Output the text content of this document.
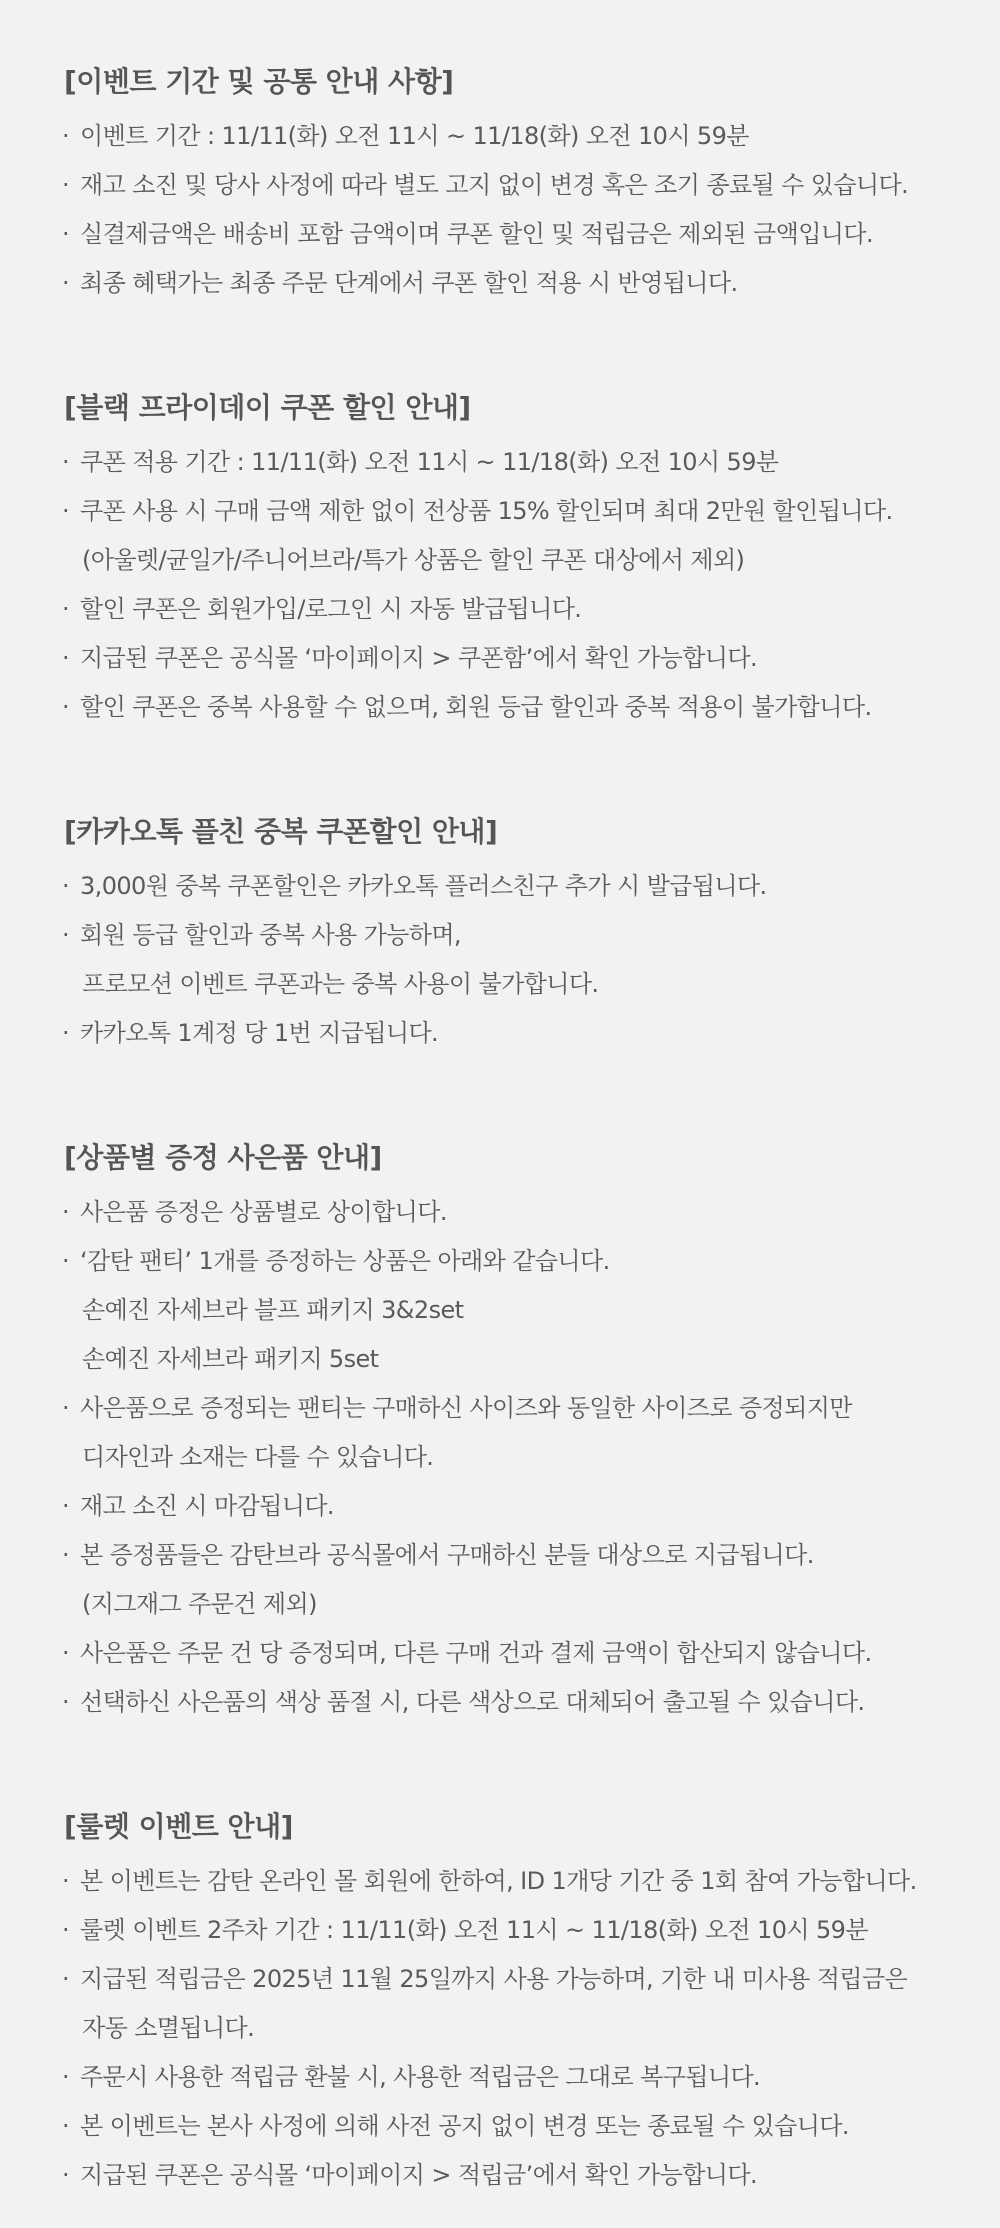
[이벤트 기간 및 공통 안내 사항]
· 이벤트 기간 : 11/11(화) 오전 11시 ~ 11/18(화) 오전 10시 59분
· 재고 소진 및 당사 사정에 따라 별도 고지 없이 변경 혹은 조기 종료될 수 있습니다.
· 실결제금액은 배송비 포함 금액이며 쿠폰 할인 및 적립금은 제외된 금액입니다.
· 최종 혜택가는 최종 주문 단계에서 쿠폰 할인 적용 시 반영됩니다.
[블랙 프라이데이 쿠폰 할인 안내]
· 쿠폰 적용 기간 : 11/11(화) 오전 11시 ~ 11/18(화) 오전 10시 59분
· 쿠폰 사용 시 구매 금액 제한 없이 전상품 15% 할인되며 최대 2만원 할인됩니다.
(아울렛/균일가/주니어브라/특가 상품은 할인 쿠폰 대상에서 제외)
· 할인 쿠폰은 회원가입/로그인 시 자동 발급됩니다.
· 지급된 쿠폰은 공식몰 ‘마이페이지 > 쿠폰함’에서 확인 가능합니다.
· 할인 쿠폰은 중복 사용할 수 없으며, 회원 등급 할인과 중복 적용이 불가합니다.
[카카오톡 플친 중복 쿠폰할인 안내]
· 3,000원 중복 쿠폰할인은 카카오톡 플러스친구 추가 시 발급됩니다.
· 회원 등급 할인과 중복 사용 가능하며,
프로모션 이벤트 쿠폰과는 중복 사용이 불가합니다.
· 카카오톡 1계정 당 1번 지급됩니다.
[상품별 증정 사은품 안내]
· 사은품 증정은 상품별로 상이합니다.
· ‘감탄 팬티’ 1개를 증정하는 상품은 아래와 같습니다.
손예진 자세브라 블프 패키지 3&2set
손예진 자세브라 패키지 5set
· 사은품으로 증정되는 팬티는 구매하신 사이즈와 동일한 사이즈로 증정되지만
디자인과 소재는 다를 수 있습니다.
· 재고 소진 시 마감됩니다.
· 본 증정품들은 감탄브라 공식몰에서 구매하신 분들 대상으로 지급됩니다.
(지그재그 주문건 제외)
· 사은품은 주문 건 당 증정되며, 다른 구매 건과 결제 금액이 합산되지 않습니다.
· 선택하신 사은품의 색상 품절 시, 다른 색상으로 대체되어 출고될 수 있습니다.
[룰렛 이벤트 안내]
· 본 이벤트는 감탄 온라인 몰 회원에 한하여, ID 1개당 기간 중 1회 참여 가능합니다.
· 룰렛 이벤트 2주차 기간 : 11/11(화) 오전 11시 ~ 11/18(화) 오전 10시 59분
· 지급된 적립금은 2025년 11월 25일까지 사용 가능하며, 기한 내 미사용 적립금은
자동 소멸됩니다.
· 주문시 사용한 적립금 환불 시, 사용한 적립금은 그대로 복구됩니다.
· 본 이벤트는 본사 사정에 의해 사전 공지 없이 변경 또는 종료될 수 있습니다.
· 지급된 쿠폰은 공식몰 ‘마이페이지 > 적립금’에서 확인 가능합니다.
